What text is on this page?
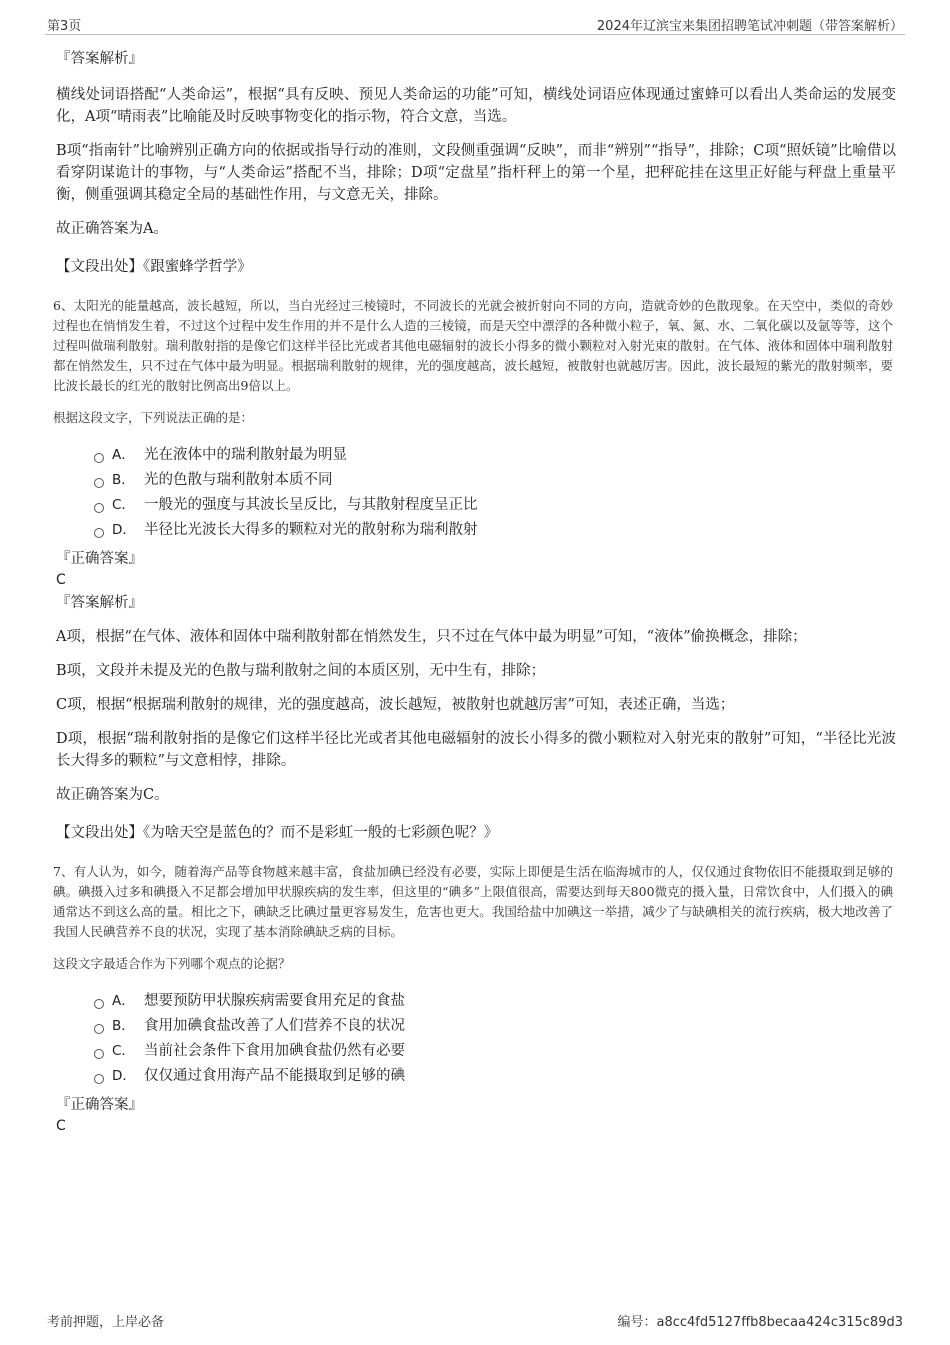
第3页	2024年辽滨宝来集团招聘笔试冲刺题（带答案解析）

『答案解析』

横线处词语搭配“人类命运”，根据“具有反映、预见人类命运的功能”可知，横线处词语应体现通过蜜蜂可以看出人类命运的发展变化，A项“晴雨表”比喻能及时反映事物变化的指示物，符合文意，当选。

B项“指南针”比喻辨别正确方向的依据或指导行动的准则，文段侧重强调“反映”，而非“辨别”“指导”，排除；C项“照妖镜”比喻借以看穿阴谋诡计的事物，与“人类命运”搭配不当，排除；D项“定盘星”指杆秤上的第一个星，把秤砣挂在这里正好能与秤盘上重量平衡，侧重强调其稳定全局的基础性作用，与文意无关，排除。

故正确答案为A。

【文段出处】《跟蜜蜂学哲学》

6、太阳光的能量越高，波长越短，所以，当白光经过三棱镜时，不同波长的光就会被折射向不同的方向，造就奇妙的色散现象。在天空中，类似的奇妙过程也在悄悄发生着，不过这个过程中发生作用的并不是什么人造的三棱镜，而是天空中漂浮的各种微小粒子，氧、氮、水、二氧化碳以及氩等等，这个过程叫做瑞利散射。瑞利散射指的是像它们这样半径比光或者其他电磁辐射的波长小得多的微小颗粒对入射光束的散射。在气体、液体和固体中瑞利散射都在悄然发生，只不过在气体中最为明显。根据瑞利散射的规律，光的强度越高，波长越短，被散射也就越厉害。因此，波长最短的紫光的散射频率，要比波长最长的红光的散射比例高出9倍以上。

根据这段文字，下列说法正确的是：

A． 光在液体中的瑞利散射最为明显
B． 光的色散与瑞利散射本质不同
C． 一般光的强度与其波长呈反比，与其散射程度呈正比
D． 半径比光波长大得多的颗粒对光的散射称为瑞利散射

『正确答案』

C

『答案解析』

A项，根据“在气体、液体和固体中瑞利散射都在悄然发生，只不过在气体中最为明显”可知，“液体”偷换概念，排除；

B项，文段并未提及光的色散与瑞利散射之间的本质区别，无中生有，排除；

C项，根据“根据瑞利散射的规律，光的强度越高，波长越短，被散射也就越厉害”可知，表述正确，当选；

D项，根据“瑞利散射指的是像它们这样半径比光或者其他电磁辐射的波长小得多的微小颗粒对入射光束的散射”可知，“半径比光波长大得多的颗粒”与文意相悖，排除。

故正确答案为C。

【文段出处】《为啥天空是蓝色的？而不是彩虹一般的七彩颜色呢？》

7、有人认为，如今，随着海产品等食物越来越丰富，食盐加碘已经没有必要，实际上即便是生活在临海城市的人，仅仅通过食物依旧不能摄取到足够的碘。碘摄入过多和碘摄入不足都会增加甲状腺疾病的发生率，但这里的“碘多”上限值很高，需要达到每天800微克的摄入量，日常饮食中，人们摄入的碘通常达不到这么高的量。相比之下，碘缺乏比碘过量更容易发生，危害也更大。我国给盐中加碘这一举措，减少了与缺碘相关的流行疾病，极大地改善了我国人民碘营养不良的状况，实现了基本消除碘缺乏病的目标。

这段文字最适合作为下列哪个观点的论据？

A． 想要预防甲状腺疾病需要食用充足的食盐
B． 食用加碘食盐改善了人们营养不良的状况
C． 当前社会条件下食用加碘食盐仍然有必要
D． 仅仅通过食用海产品不能摄取到足够的碘

『正确答案』

C

考前押题，上岸必备	编号：a8cc4fd5127ffb8becaa424c315c89d3
